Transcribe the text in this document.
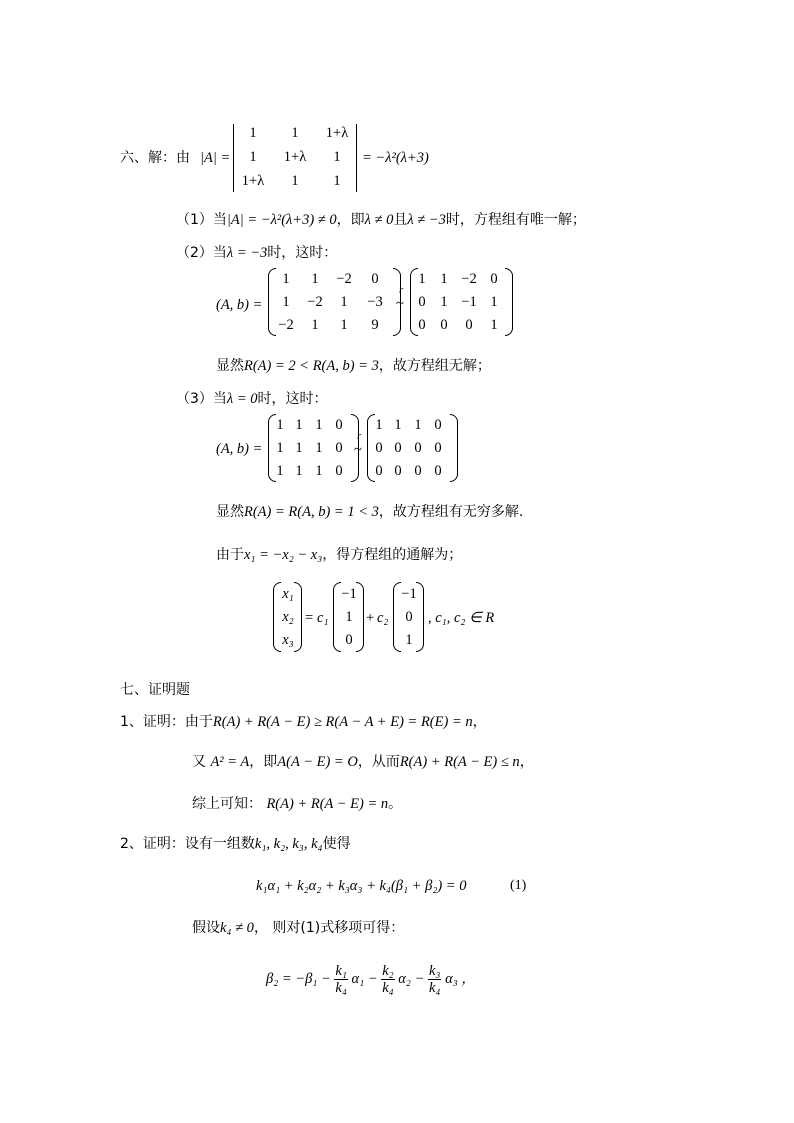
六、解：由 |A| =
1	1	1+λ
1	1+λ	1
1+λ	1	1
= −λ²(λ+3)
（1）当|A| = −λ²(λ+3) ≠ 0，即λ ≠ 0且λ ≠ −3时，方程组有唯一解；
（2）当λ = −3时，这时：
(A, b) =
1	1	−2	0
1	−2	1	−3
−2	1	1	9
r
~
1	1 −2 0
0	1 −1 1
0	0	0	1
显然R(A) = 2 < R(A, b) = 3，故方程组无解；
（3）当λ = 0时，这时：
(A, b) =
1 1 1 0
1 1 1 0
1 1 1 0
r
~
1 1 1 0
0 0 0 0
0 0 0 0
显然R(A) = R(A, b) = 1 < 3，故方程组有无穷多解.
由于x₁ = −x₂ − x₃，得方程组的通解为；
x₁
x₂
x₃
= c₁
−1
1
0
+ c₂
−1
0
1
, c₁, c₂ ∈ R
七、证明题
1、证明：由于R(A) + R(A − E) ≥ R(A − A + E) = R(E) = n，
又 A² = A，即A(A − E) = O，从而R(A) + R(A − E) ≤ n，
综上可知： R(A) + R(A − E) = n。
2、证明：设有一组数k₁, k₂, k₃, k₄使得
k₁α₁ + k₂α₂ + k₃α₃ + k₄(β₁ + β₂) = 0	(1)
假设k₄ ≠ 0， 则对(1)式移项可得：
$\beta_2 = -\beta_1 - \frac{\text{k₁}}{\text{k₄}} \alpha_1 - \frac{\text{k₂}}{\text{k₄}} \alpha_2 - \frac{\text{k₃}}{\text{k₄}} \alpha_3$ ，
